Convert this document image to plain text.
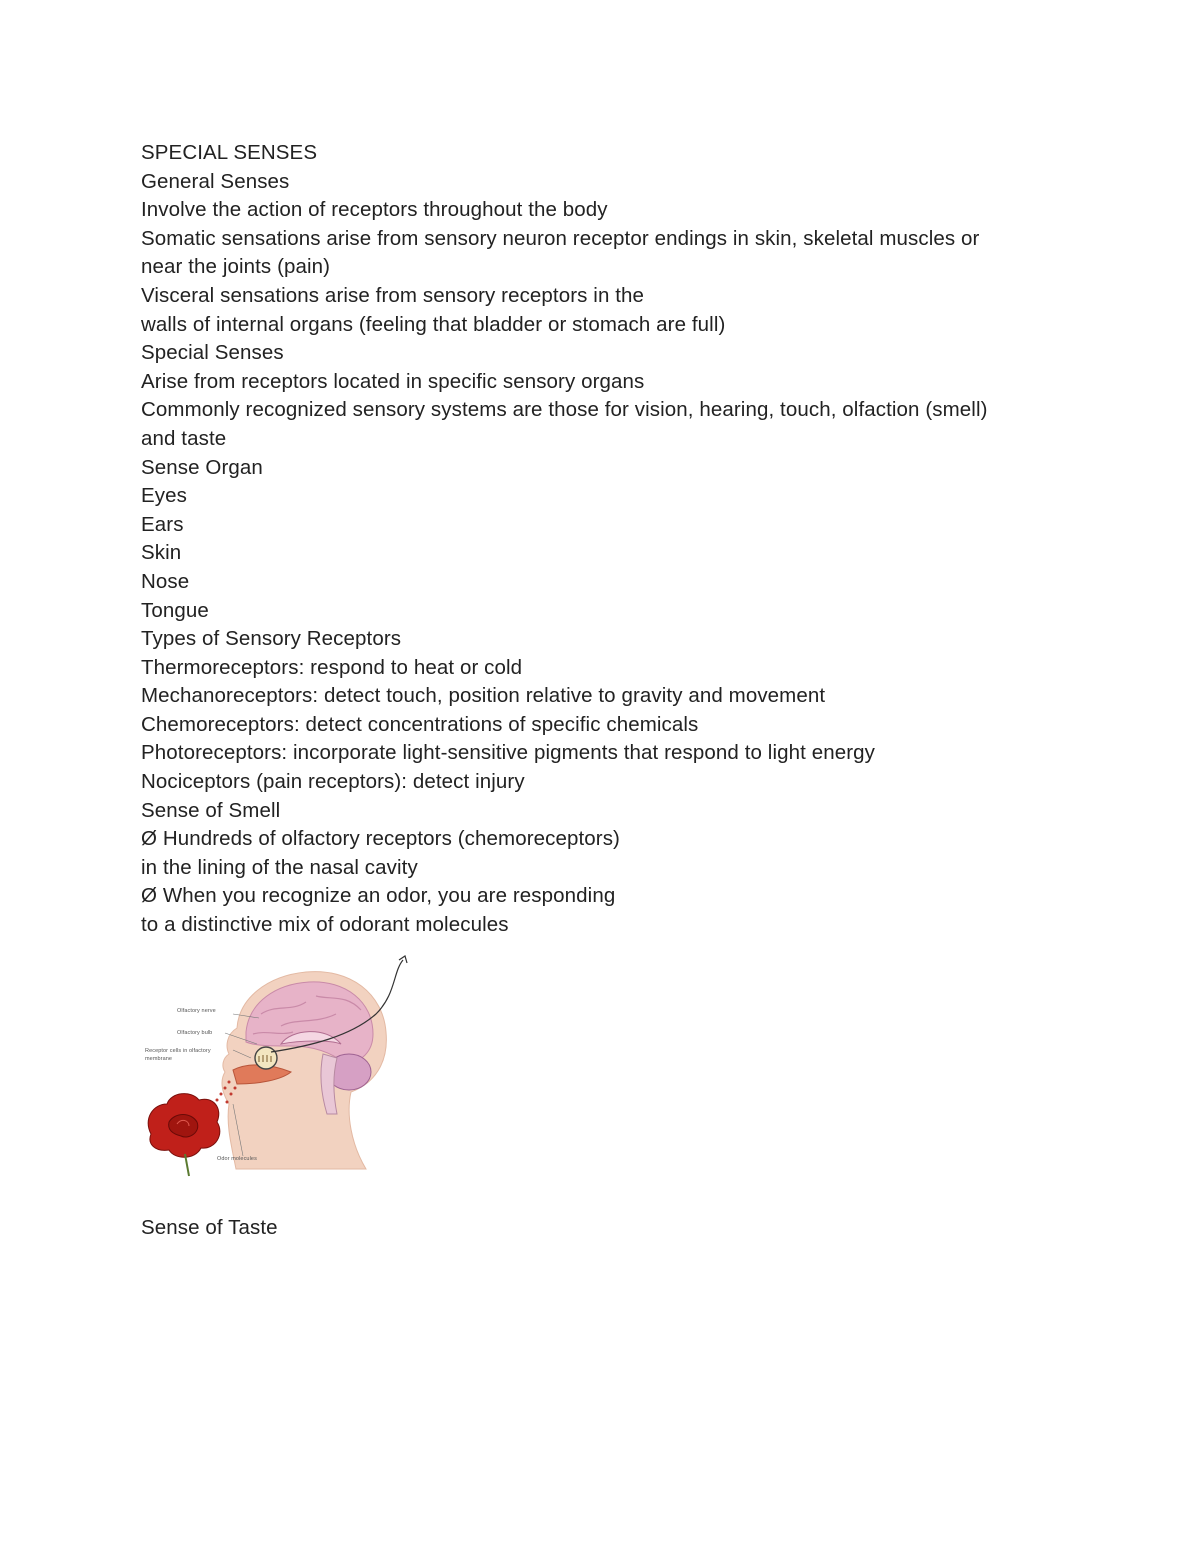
SPECIAL SENSES
General Senses
Involve the action of receptors throughout the body
Somatic sensations arise from sensory neuron receptor endings in skin, skeletal muscles or
near the joints (pain)
Visceral sensations arise from sensory receptors in the
walls of internal organs (feeling that bladder or stomach are full)
Special Senses
Arise from receptors located in specific sensory organs
Commonly recognized sensory systems are those for vision, hearing, touch, olfaction (smell)
and taste
Sense Organ
Eyes
Ears
Skin
Nose
Tongue
Types of Sensory Receptors
Thermoreceptors: respond to heat or cold
Mechanoreceptors: detect touch, position relative to gravity and movement
Chemoreceptors: detect concentrations of specific chemicals
Photoreceptors: incorporate light-sensitive pigments that respond to light energy
Nociceptors (pain receptors): detect injury
Sense of Smell
Ø Hundreds of olfactory receptors (chemoreceptors)
in the lining of the nasal cavity
Ø When you recognize an odor, you are responding
to a distinctive mix of odorant molecules
Olfactory nerve
Olfactory bulb
Receptor cells in olfactory
membrane
Odor molecules
Sense of Taste
